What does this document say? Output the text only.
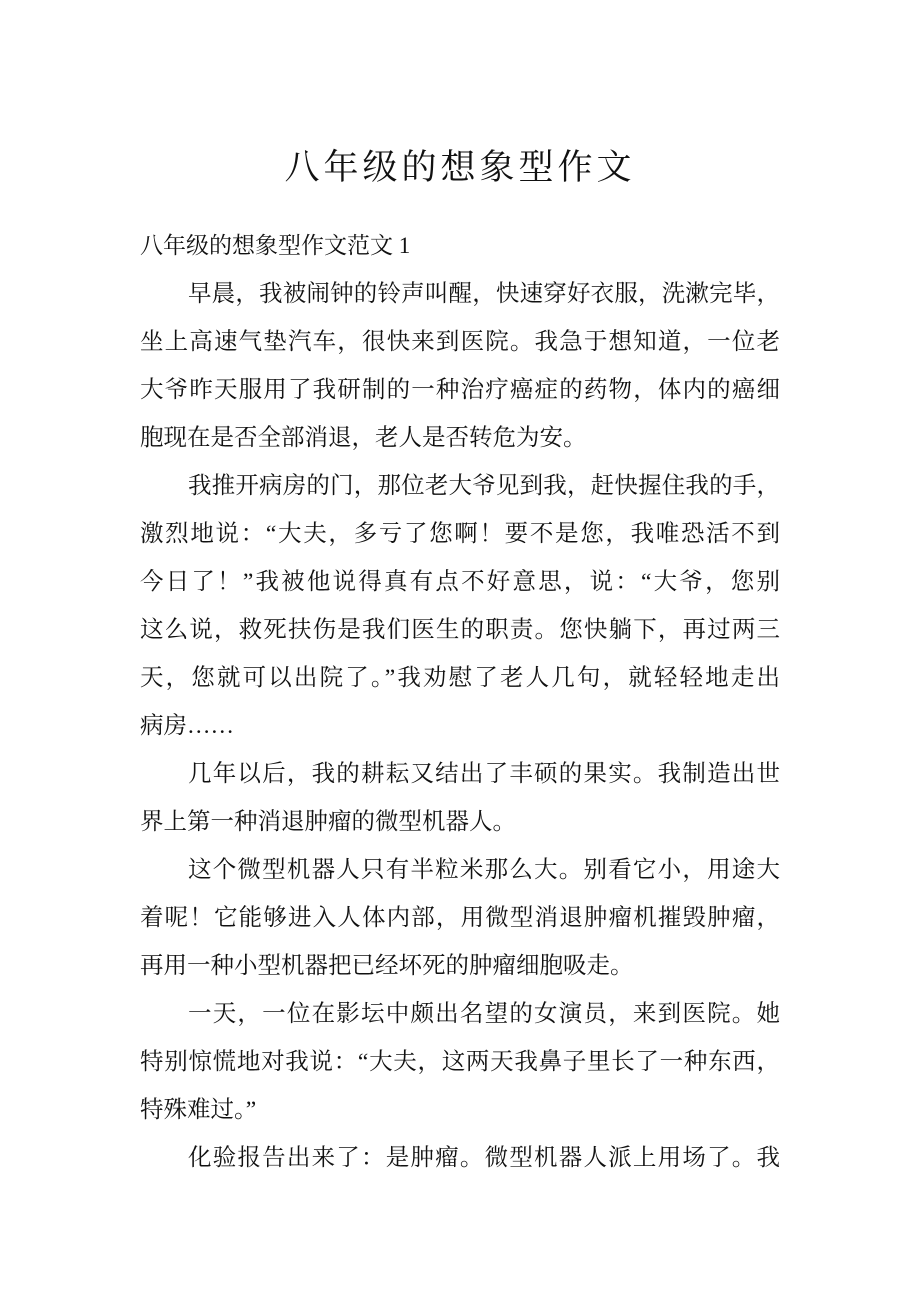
八年级的想象型作文
八年级的想象型作文范文 1
早晨，我被闹钟的铃声叫醒，快速穿好衣服，洗漱完毕，
坐上高速气垫汽车，很快来到医院。我急于想知道，一位老
大爷昨天服用了我研制的一种治疗癌症的药物，体内的癌细
胞现在是否全部消退，老人是否转危为安。
我推开病房的门，那位老大爷见到我，赶快握住我的手，
激烈地说：“大夫，多亏了您啊！要不是您，我唯恐活不到
今日了！”我被他说得真有点不好意思，说：“大爷，您别
这么说，救死扶伤是我们医生的职责。您快躺下，再过两三
天，您就可以出院了。”我劝慰了老人几句，就轻轻地走出
病房……
几年以后，我的耕耘又结出了丰硕的果实。我制造出世
界上第一种消退肿瘤的微型机器人。
这个微型机器人只有半粒米那么大。别看它小，用途大
着呢！它能够进入人体内部，用微型消退肿瘤机摧毁肿瘤，
再用一种小型机器把已经坏死的肿瘤细胞吸走。
一天，一位在影坛中颇出名望的女演员，来到医院。她
特别惊慌地对我说：“大夫，这两天我鼻子里长了一种东西，
特殊难过。”
化验报告出来了：是肿瘤。微型机器人派上用场了。我
